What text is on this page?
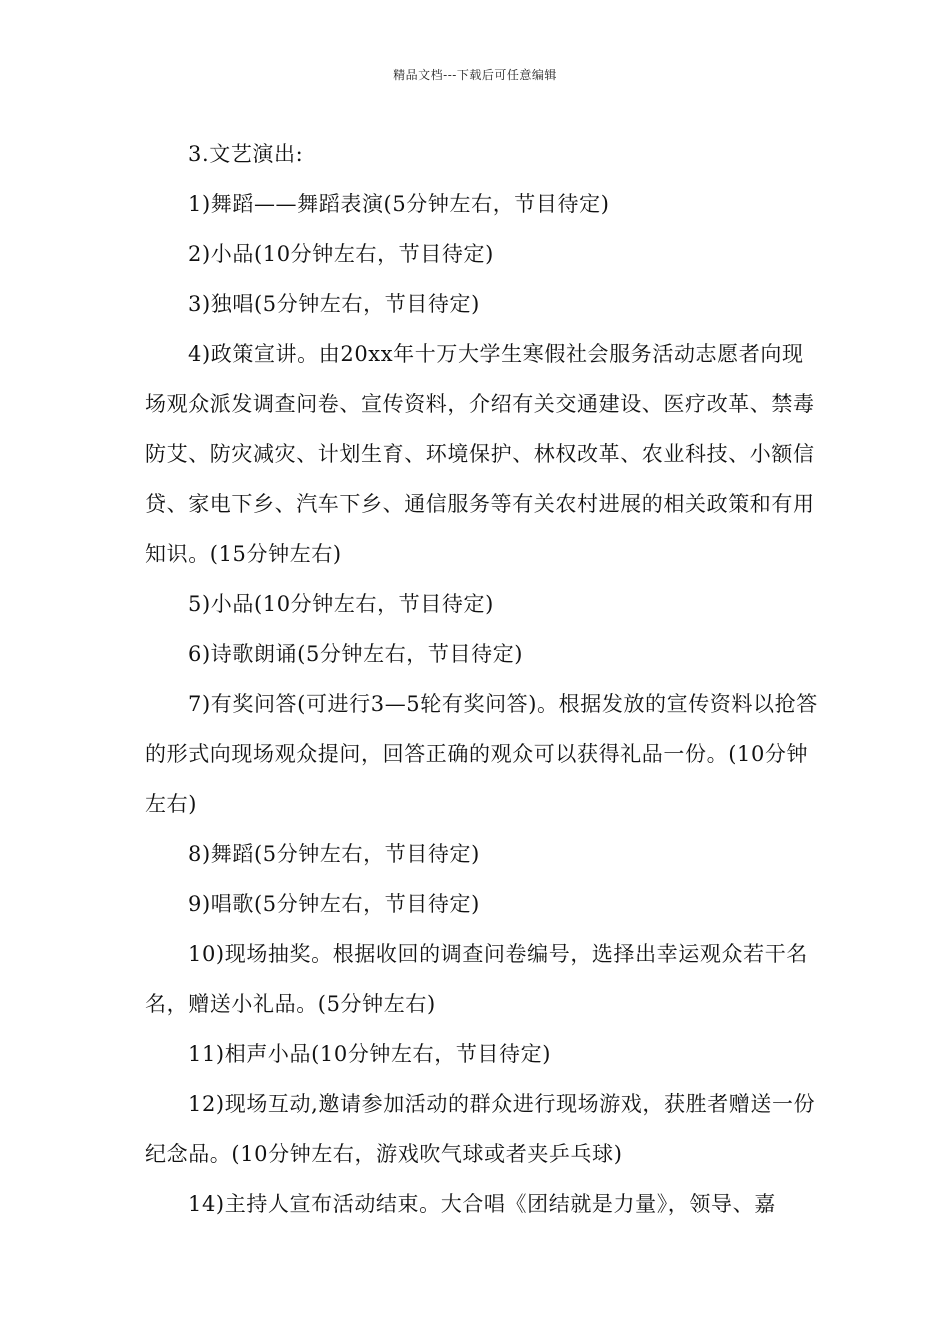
精品文档---下载后可任意编辑

3.文艺演出:

1)舞蹈——舞蹈表演(5分钟左右，节目待定)

2)小品(10分钟左右，节目待定)

3)独唱(5分钟左右，节目待定)

4)政策宣讲。由20xx年十万大学生寒假社会服务活动志愿者向现场观众派发调查问卷、宣传资料，介绍有关交通建设、医疗改革、禁毒防艾、防灾减灾、计划生育、环境保护、林权改革、农业科技、小额信贷、家电下乡、汽车下乡、通信服务等有关农村进展的相关政策和有用知识。(15分钟左右)

5)小品(10分钟左右，节目待定)

6)诗歌朗诵(5分钟左右，节目待定)

7)有奖问答(可进行3—5轮有奖问答)。根据发放的宣传资料以抢答的形式向现场观众提问，回答正确的观众可以获得礼品一份。(10分钟左右)

8)舞蹈(5分钟左右，节目待定)

9)唱歌(5分钟左右，节目待定)

10)现场抽奖。根据收回的调查问卷编号，选择出幸运观众若干名名，赠送小礼品。(5分钟左右)

11)相声小品(10分钟左右，节目待定)

12)现场互动,邀请参加活动的群众进行现场游戏，获胜者赠送一份纪念品。(10分钟左右，游戏吹气球或者夹乒乓球)

14)主持人宣布活动结束。大合唱《团结就是力量》，领导、嘉
